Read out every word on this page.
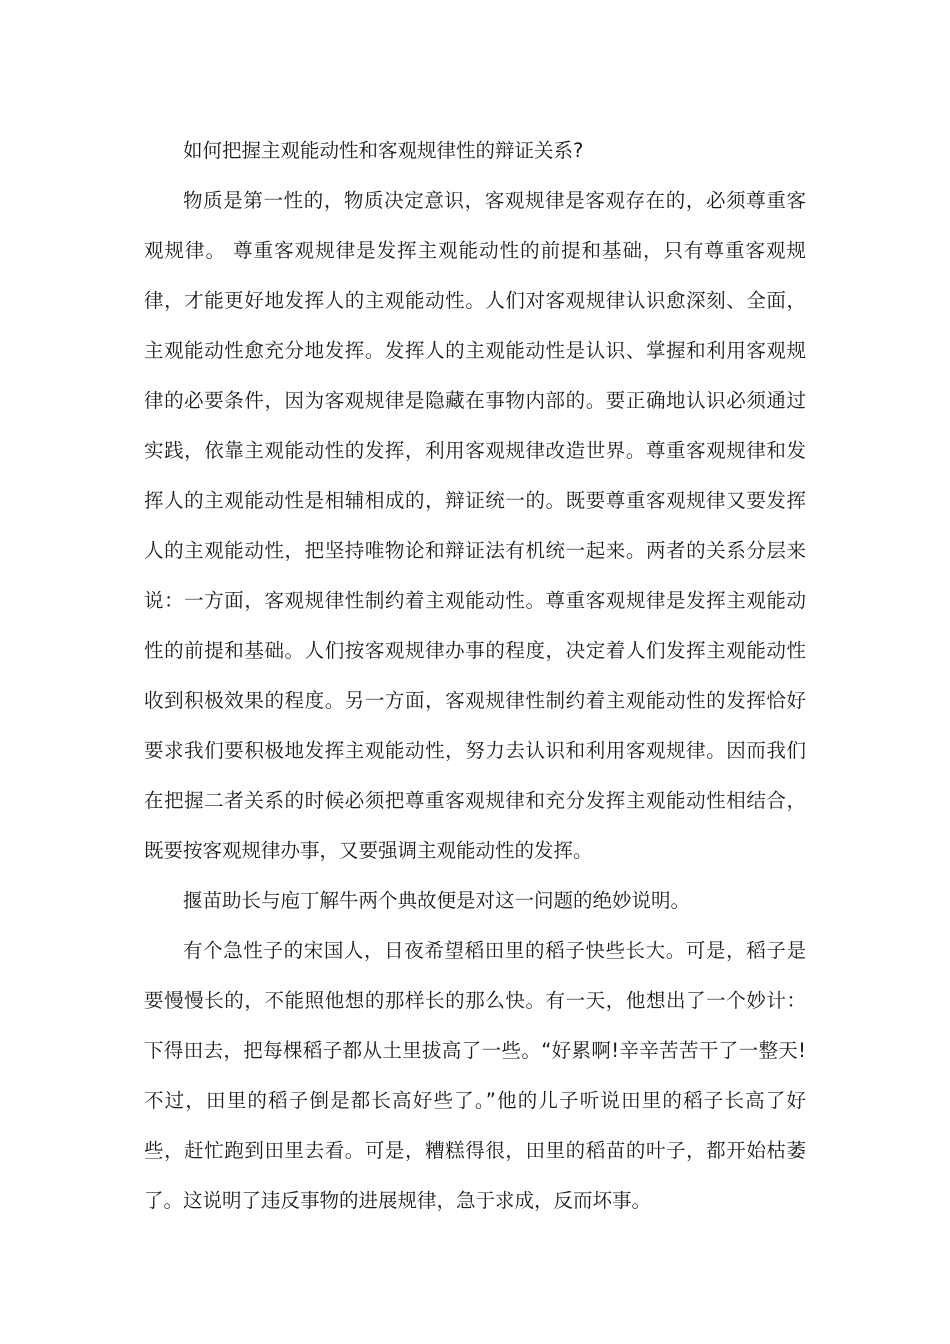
如何把握主观能动性和客观规律性的辩证关系?

物质是第一性的，物质决定意识，客观规律是客观存在的，必须尊重客观规律。 尊重客观规律是发挥主观能动性的前提和基础，只有尊重客观规律，才能更好地发挥人的主观能动性。人们对客观规律认识愈深刻、全面，主观能动性愈充分地发挥。发挥人的主观能动性是认识、掌握和利用客观规律的必要条件，因为客观规律是隐藏在事物内部的。要正确地认识必须通过实践，依靠主观能动性的发挥，利用客观规律改造世界。尊重客观规律和发挥人的主观能动性是相辅相成的，辩证统一的。既要尊重客观规律又要发挥人的主观能动性，把坚持唯物论和辩证法有机统一起来。两者的关系分层来说：一方面，客观规律性制约着主观能动性。尊重客观规律是发挥主观能动性的前提和基础。人们按客观规律办事的程度，决定着人们发挥主观能动性收到积极效果的程度。另一方面，客观规律性制约着主观能动性的发挥恰好要求我们要积极地发挥主观能动性，努力去认识和利用客观规律。因而我们在把握二者关系的时候必须把尊重客观规律和充分发挥主观能动性相结合，既要按客观规律办事，又要强调主观能动性的发挥。

揠苗助长与庖丁解牛两个典故便是对这一问题的绝妙说明。

有个急性子的宋国人，日夜希望稻田里的稻子快些长大。可是，稻子是要慢慢长的，不能照他想的那样长的那么快。有一天，他想出了一个妙计：下得田去，把每棵稻子都从土里拔高了一些。“好累啊!辛辛苦苦干了一整天!不过，田里的稻子倒是都长高好些了。”他的儿子听说田里的稻子长高了好些，赶忙跑到田里去看。可是，糟糕得很，田里的稻苗的叶子，都开始枯萎了。这说明了违反事物的进展规律，急于求成，反而坏事。
